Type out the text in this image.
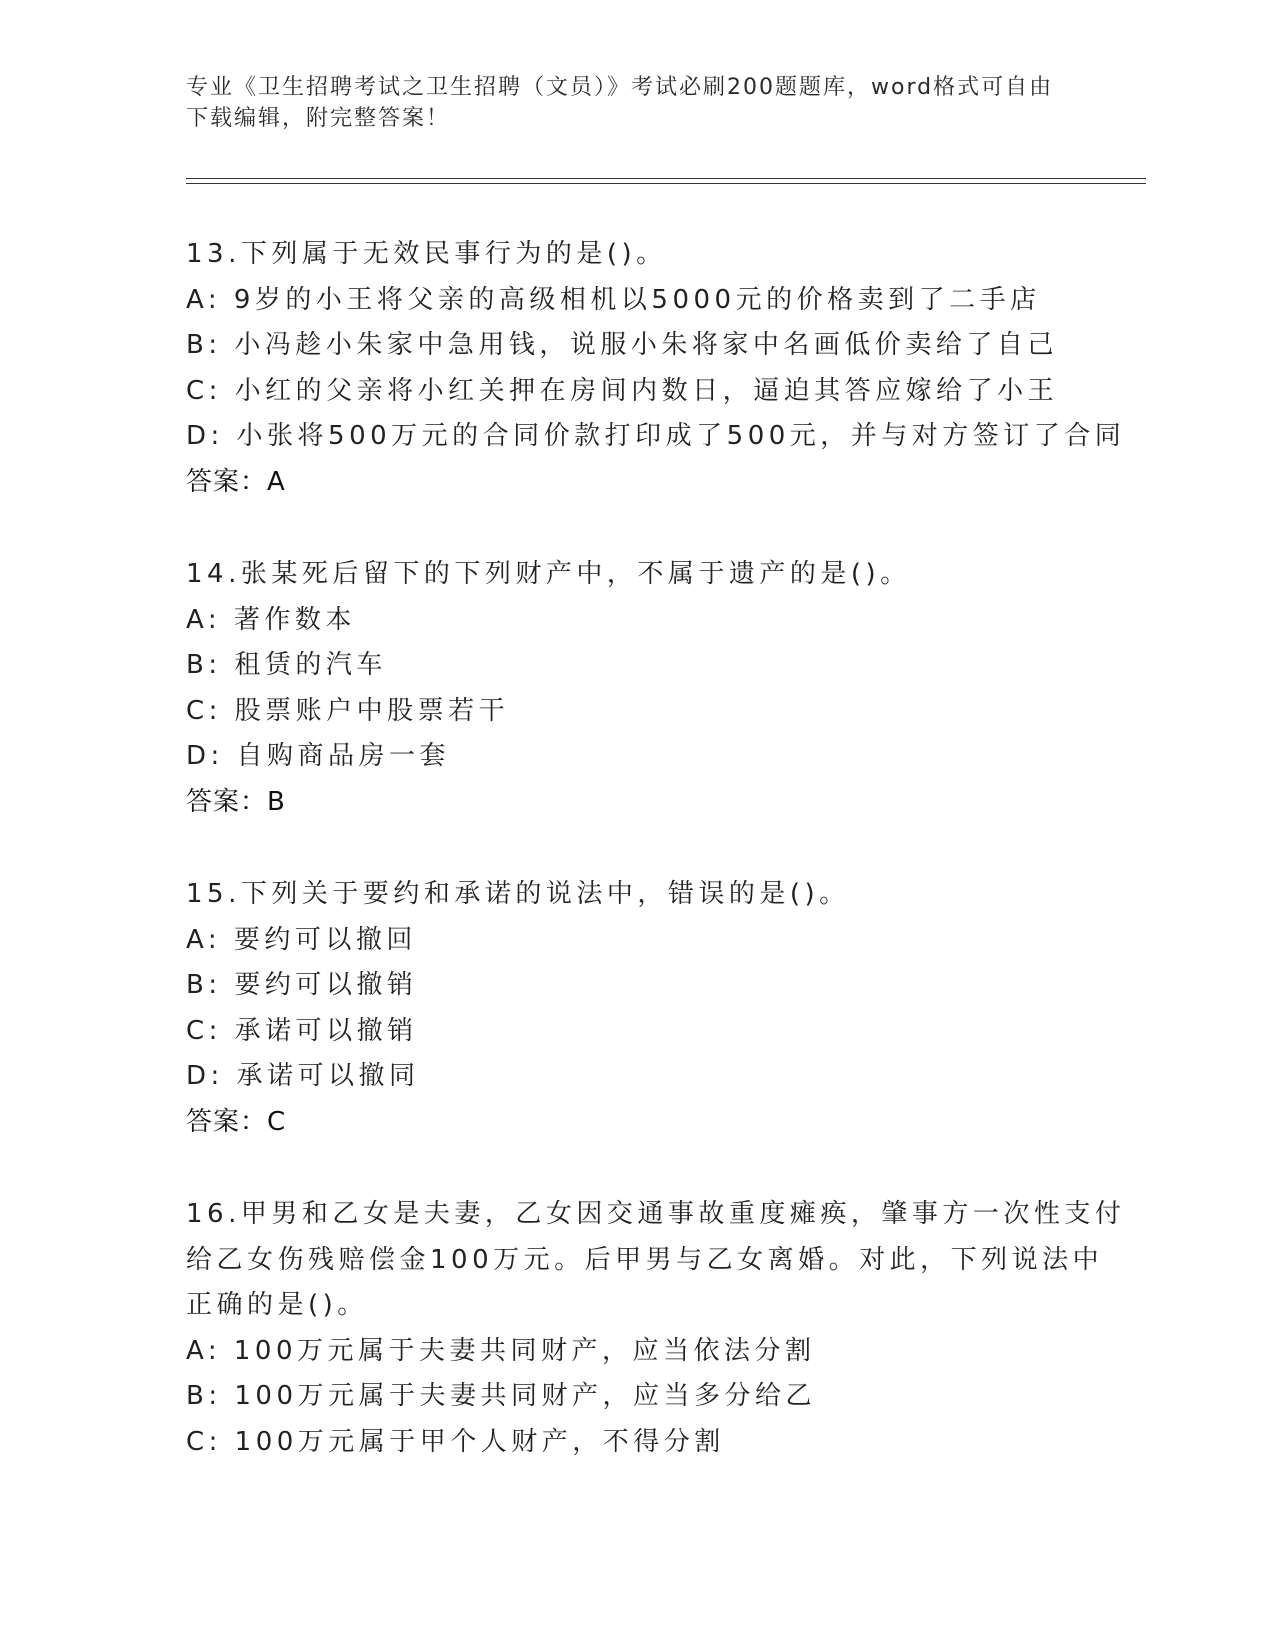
专业《卫生招聘考试之卫生招聘（文员）》考试必刷200题题库，word格式可自由下载编辑，附完整答案！
13.下列属于无效民事行为的是()。
A: 9岁的小王将父亲的高级相机以5000元的价格卖到了二手店
B: 小冯趁小朱家中急用钱，说服小朱将家中名画低价卖给了自己
C: 小红的父亲将小红关押在房间内数日，逼迫其答应嫁给了小王
D: 小张将500万元的合同价款打印成了500元，并与对方签订了合同
答案：A
14.张某死后留下的下列财产中，不属于遗产的是()。
A: 著作数本
B: 租赁的汽车
C: 股票账户中股票若干
D: 自购商品房一套
答案：B
15.下列关于要约和承诺的说法中，错误的是()。
A: 要约可以撤回
B: 要约可以撤销
C: 承诺可以撤销
D: 承诺可以撤同
答案：C
16.甲男和乙女是夫妻，乙女因交通事故重度瘫痪，肇事方一次性支付
给乙女伤残赔偿金100万元。后甲男与乙女离婚。对此，下列说法中
正确的是()。
A: 100万元属于夫妻共同财产，应当依法分割
B: 100万元属于夫妻共同财产，应当多分给乙
C: 100万元属于甲个人财产，不得分割
